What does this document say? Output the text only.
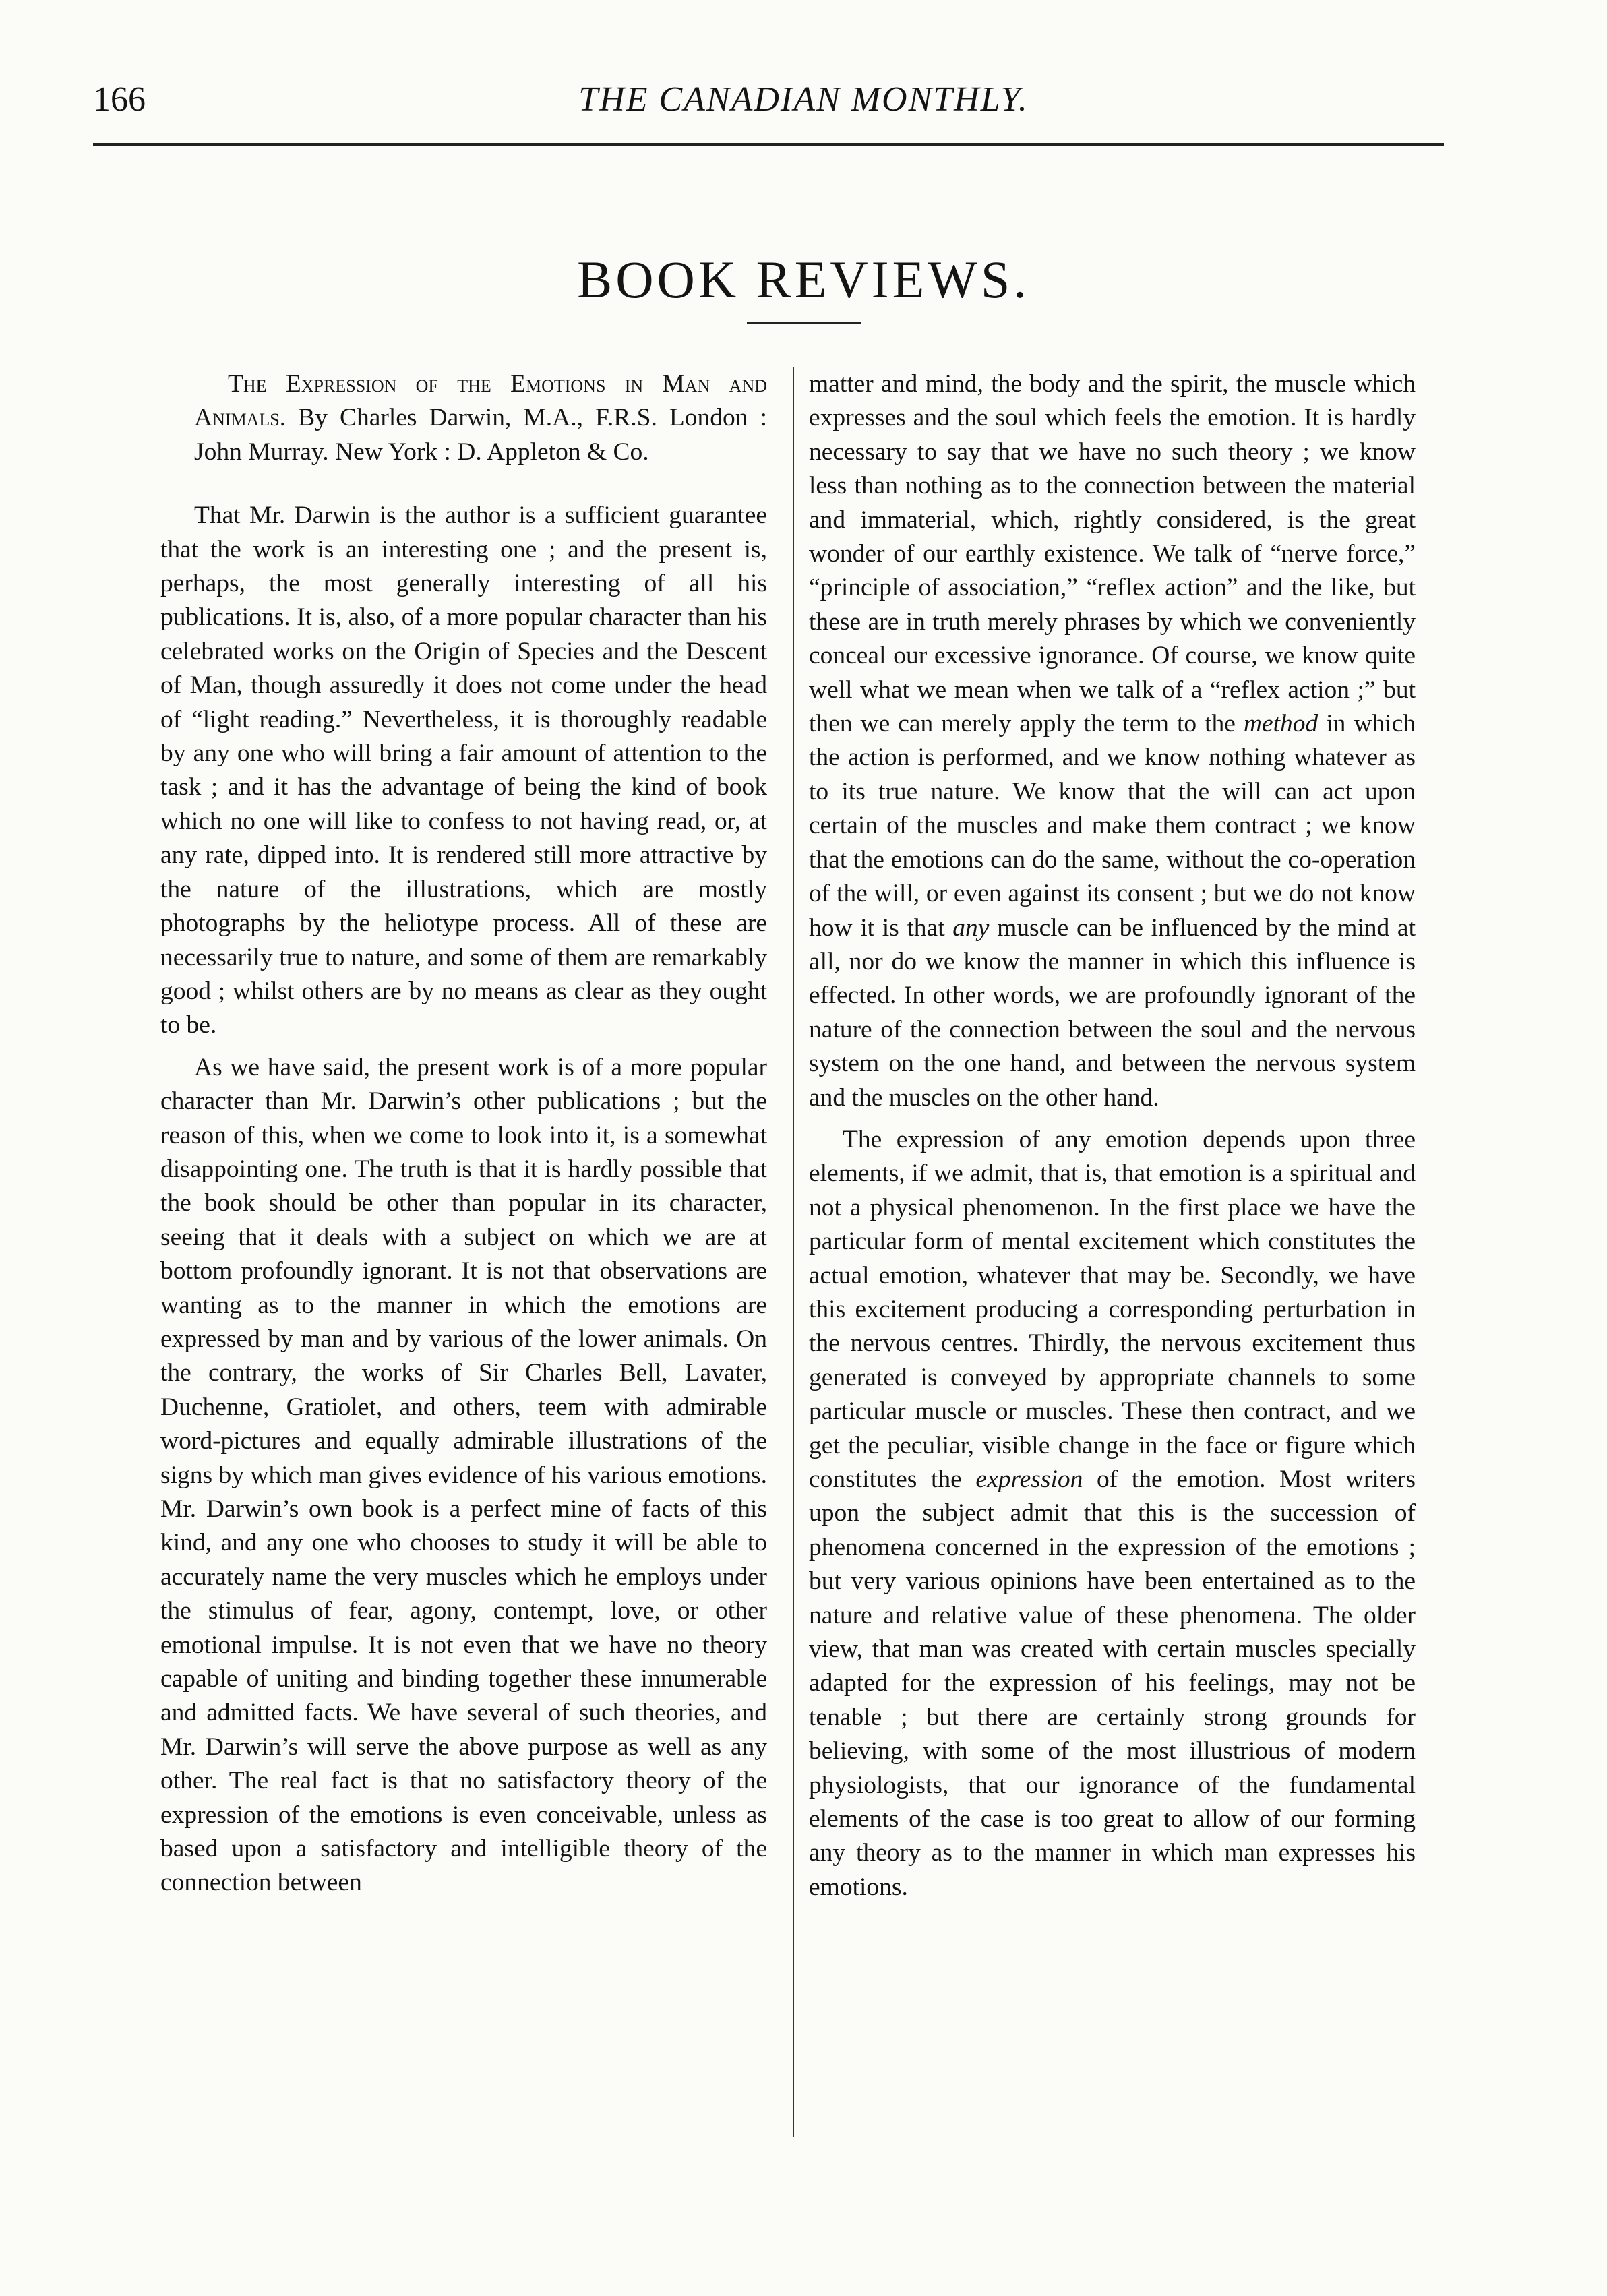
166	THE CANADIAN MONTHLY.
BOOK REVIEWS.

The Expression of the Emotions in Man and Animals. By Charles Darwin, M.A., F.R.S. London : John Murray. New York : D. Appleton & Co.

That Mr. Darwin is the author is a sufficient guarantee that the work is an interesting one ; and the present is, perhaps, the most generally interesting of all his publications. It is, also, of a more popular character than his celebrated works on the Origin of Species and the Descent of Man, though assuredly it does not come under the head of “light reading.” Nevertheless, it is thoroughly readable by any one who will bring a fair amount of attention to the task ; and it has the advantage of being the kind of book which no one will like to confess to not having read, or, at any rate, dipped into. It is rendered still more attractive by the nature of the illustrations, which are mostly photographs by the heliotype process. All of these are necessarily true to nature, and some of them are remarkably good ; whilst others are by no means as clear as they ought to be.

As we have said, the present work is of a more popular character than Mr. Darwin’s other publications ; but the reason of this, when we come to look into it, is a somewhat disappointing one. The truth is that it is hardly possible that the book should be other than popular in its character, seeing that it deals with a subject on which we are at bottom profoundly ignorant. It is not that observations are wanting as to the manner in which the emotions are expressed by man and by various of the lower animals. On the contrary, the works of Sir Charles Bell, Lavater, Duchenne, Gratiolet, and others, teem with admirable word-pictures and equally admirable illustrations of the signs by which man gives evidence of his various emotions. Mr. Darwin’s own book is a perfect mine of facts of this kind, and any one who chooses to study it will be able to accurately name the very muscles which he employs under the stimulus of fear, agony, contempt, love, or other emotional impulse. It is not even that we have no theory capable of uniting and binding together these innumerable and admitted facts. We have several of such theories, and Mr. Darwin’s will serve the above purpose as well as any other. The real fact is that no satisfactory theory of the expression of the emotions is even conceivable, unless as based upon a satisfactory and intelligible theory of the connection between

matter and mind, the body and the spirit, the muscle which expresses and the soul which feels the emotion. It is hardly necessary to say that we have no such theory ; we know less than nothing as to the connection between the material and immaterial, which, rightly considered, is the great wonder of our earthly existence. We talk of “nerve force,” “principle of association,” “reflex action” and the like, but these are in truth merely phrases by which we conveniently conceal our excessive ignorance. Of course, we know quite well what we mean when we talk of a “reflex action ;” but then we can merely apply the term to the method in which the action is performed, and we know nothing whatever as to its true nature. We know that the will can act upon certain of the muscles and make them contract ; we know that the emotions can do the same, without the co-operation of the will, or even against its consent ; but we do not know how it is that any muscle can be influenced by the mind at all, nor do we know the manner in which this influence is effected. In other words, we are profoundly ignorant of the nature of the connection between the soul and the nervous system on the one hand, and between the nervous system and the muscles on the other hand.

The expression of any emotion depends upon three elements, if we admit, that is, that emotion is a spiritual and not a physical phenomenon. In the first place we have the particular form of mental excitement which constitutes the actual emotion, whatever that may be. Secondly, we have this excitement producing a corresponding perturbation in the nervous centres. Thirdly, the nervous excitement thus generated is conveyed by appropriate channels to some particular muscle or muscles. These then contract, and we get the peculiar, visible change in the face or figure which constitutes the expression of the emotion. Most writers upon the subject admit that this is the succession of phenomena concerned in the expression of the emotions ; but very various opinions have been entertained as to the nature and relative value of these phenomena. The older view, that man was created with certain muscles specially adapted for the expression of his feelings, may not be tenable ; but there are certainly strong grounds for believing, with some of the most illustrious of modern physiologists, that our ignorance of the fundamental elements of the case is too great to allow of our forming any theory as to the manner in which man expresses his emotions.
